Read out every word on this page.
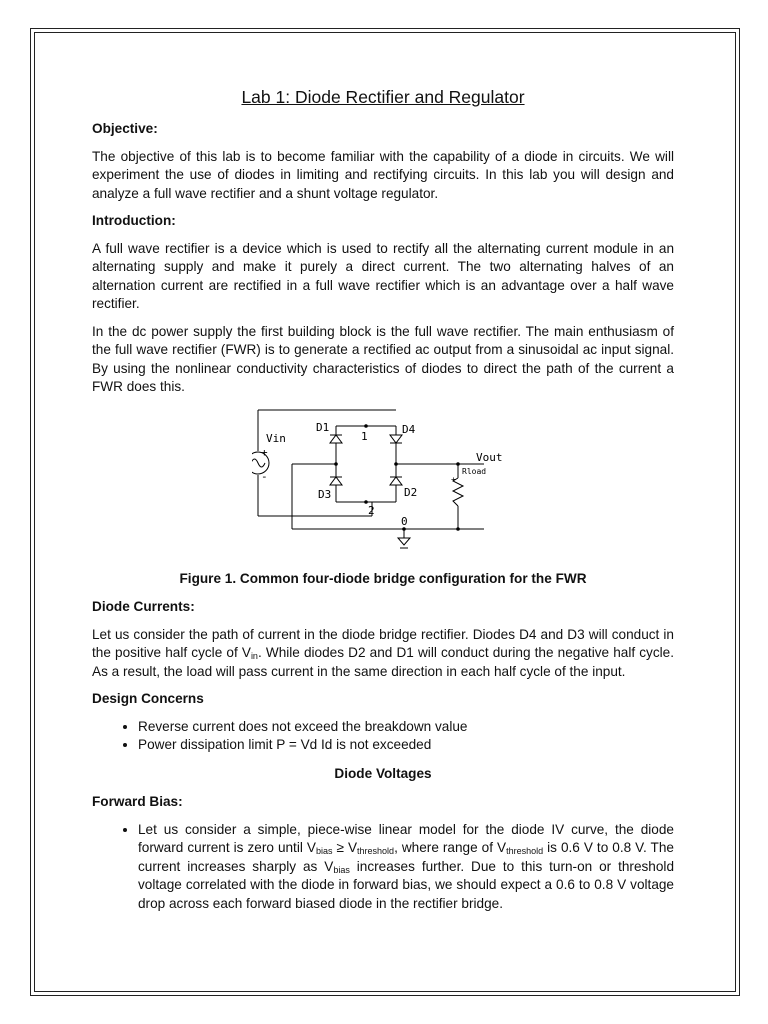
Lab 1: Diode Rectifier and Regulator
Objective:

The objective of this lab is to become familiar with the capability of a diode in circuits. We will experiment the use of diodes in limiting and rectifying circuits. In this lab you will design and analyze a full wave rectifier and a shunt voltage regulator.

Introduction:

A full wave rectifier is a device which is used to rectify all the alternating current module in an alternating supply and make it purely a direct current. The two alternating halves of an alternation current are rectified in a full wave rectifier which is an advantage over a half wave rectifier.

In the dc power supply the first building block is the full wave rectifier. The main enthusiasm of the full wave rectifier (FWR) is to generate a rectified ac output from a sinusoidal ac input signal. By using the nonlinear conductivity characteristics of diodes to direct the path of the current a FWR does this.

Vin
+
-
D1
1
D4
D3	D2
2
0
Vout
Rload
+
Figure 1. Common four-diode bridge configuration for the FWR
Diode Currents:

Let us consider the path of current in the diode bridge rectifier. Diodes D4 and D3 will conduct in the positive half cycle of $V_{in}$. While diodes D2 and D1 will conduct during the negative half cycle. As a result, the load will pass current in the same direction in each half cycle of the input.

Design Concerns
• Reverse current does not exceed the breakdown value
• Power dissipation limit P = Vd Id is not exceeded
Diode Voltages
Forward Bias:
• Let us consider a simple, piece-wise linear model for the diode IV curve, the diode forward current is zero until $V_{bias} \ge V_{threshold}$, where range of $V_{threshold}$ is 0.6 V to 0.8 V. The current increases sharply as $V_{bias}$ increases further. Due to this turn-on or threshold voltage correlated with the diode in forward bias, we should expect a 0.6 to 0.8 V voltage drop across each forward biased diode in the rectifier bridge.
